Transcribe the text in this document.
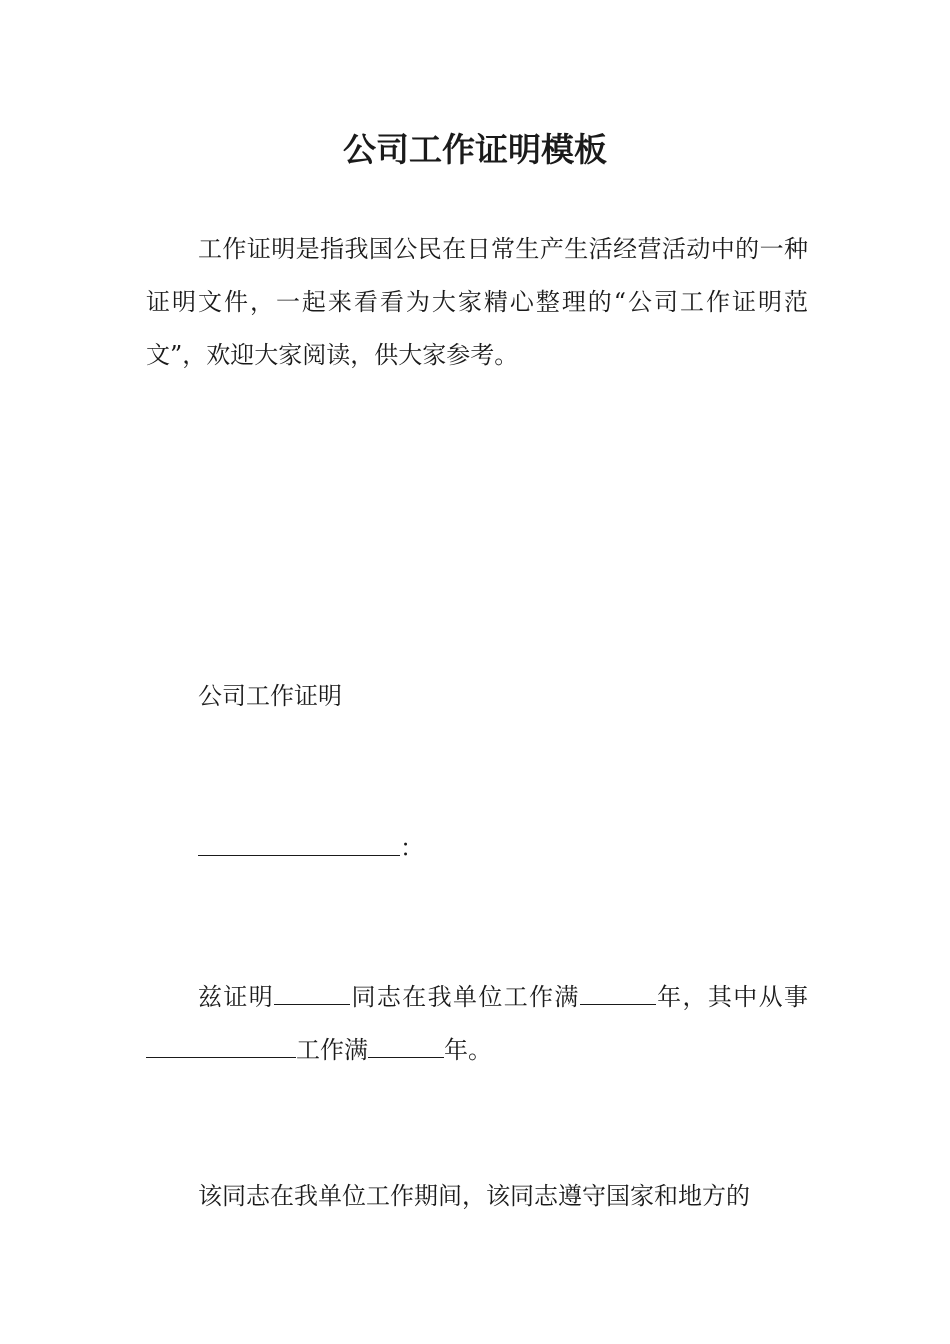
公司工作证明模板

工作证明是指我国公民在日常生产生活经营活动中的一种证明文件，一起来看看为大家精心整理的“公司工作证明范文”，欢迎大家阅读，供大家参考。

公司工作证明

：

兹证明	同志在我单位工作满	年，其中从事工作满	年。

该同志在我单位工作期间，该同志遵守国家和地方的
